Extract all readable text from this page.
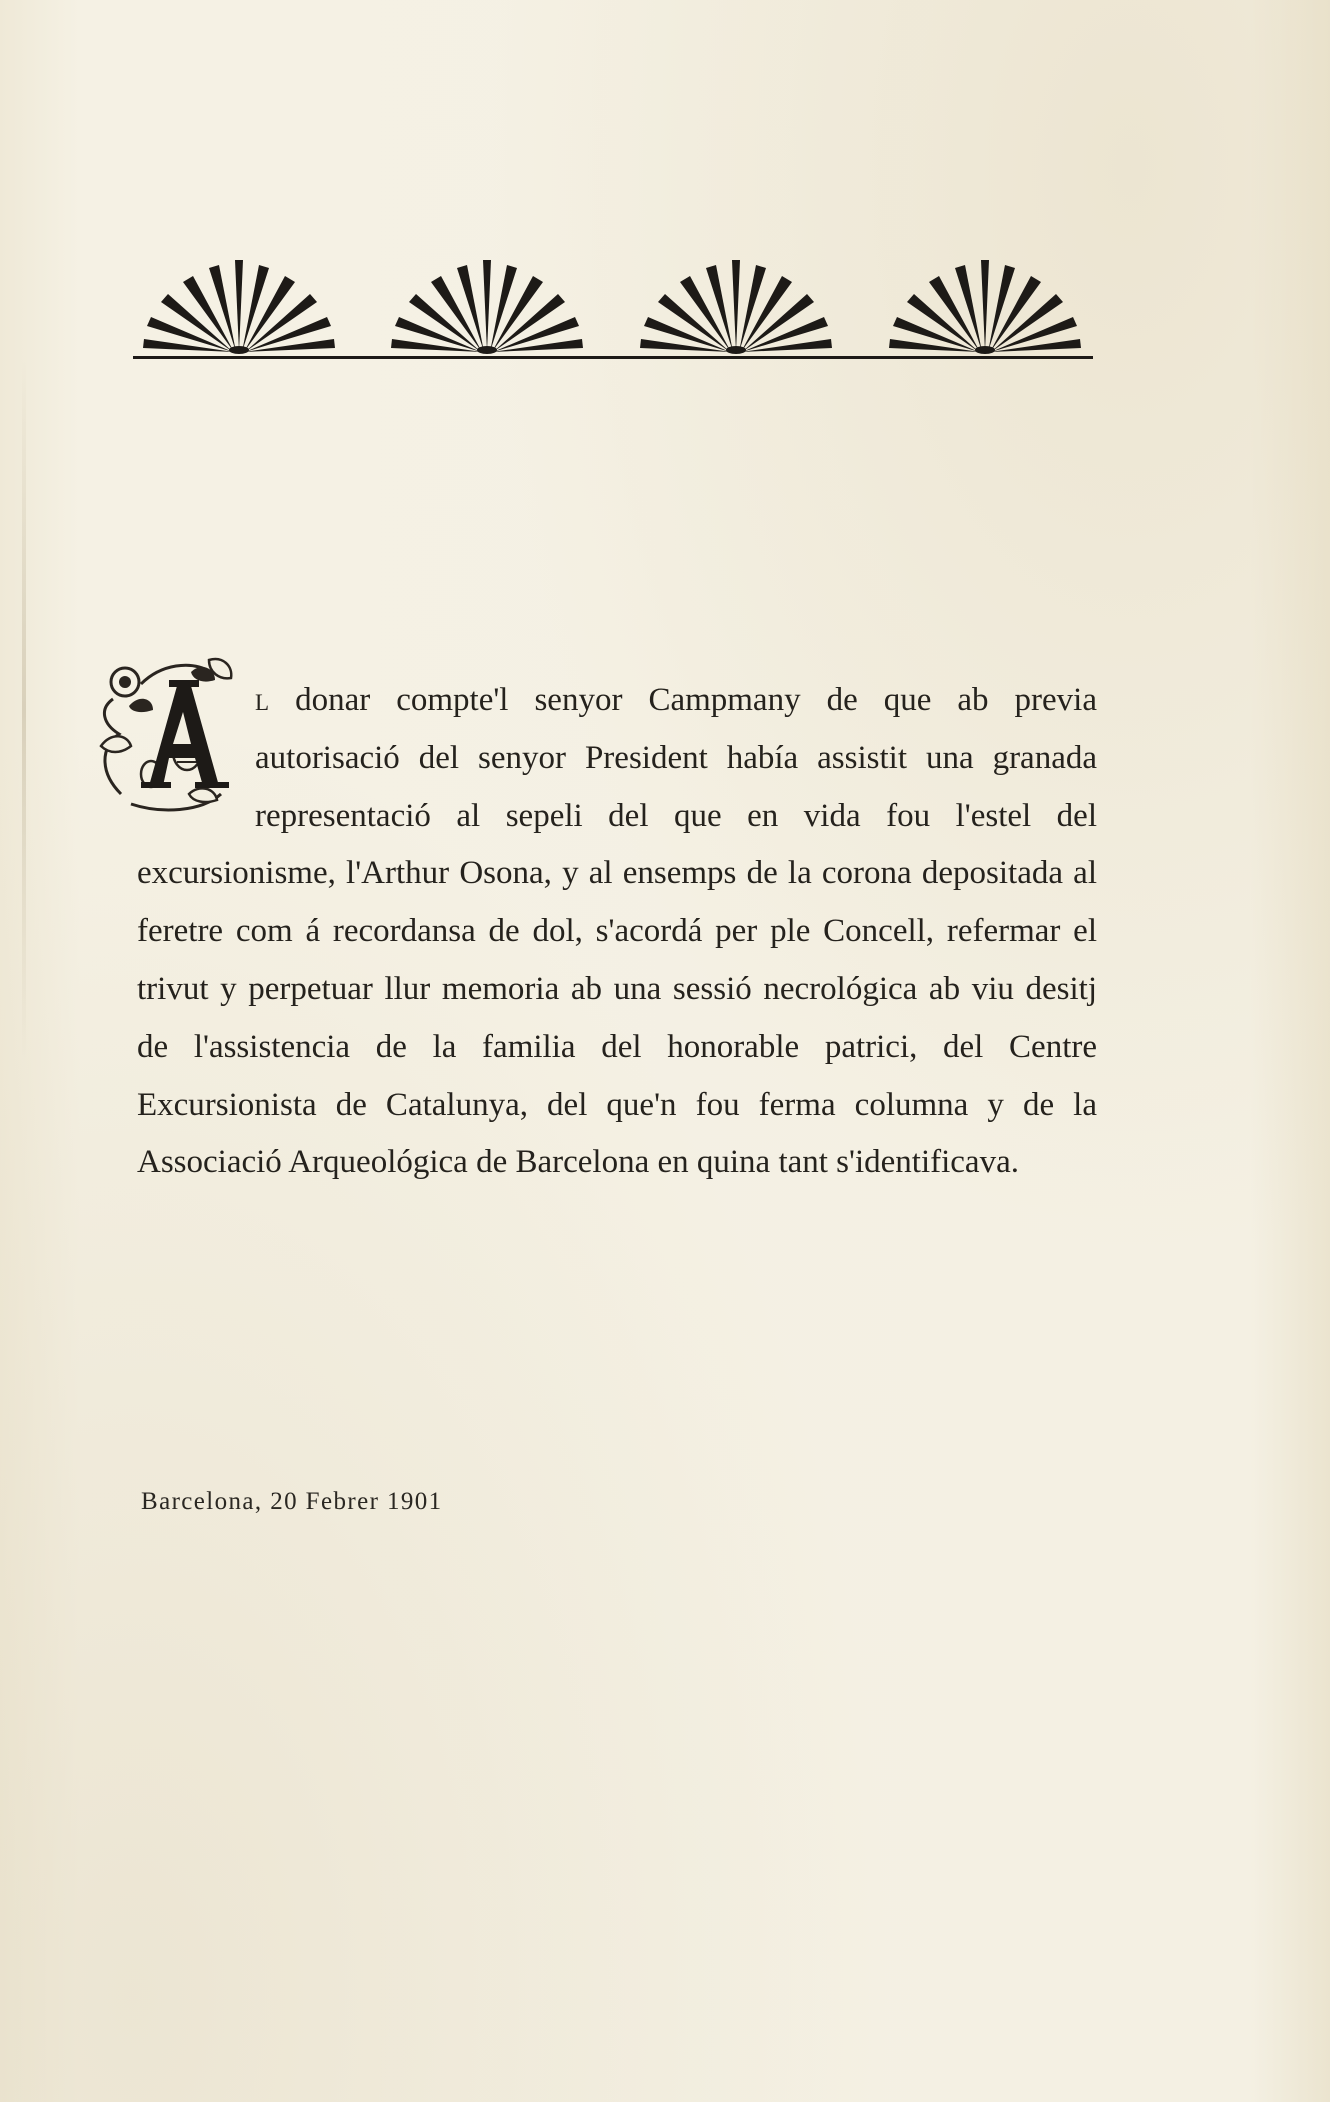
A
l donar compte'l senyor Campmany de que ab previa autorisació del senyor President había assistit una granada representació al sepeli del que en vida fou l'estel del excursionisme, l'Arthur Osona, y al ensemps de la corona depositada al feretre com á recordansa de dol, s'acordá per ple Concell, refermar el trivut y perpetuar llur memoria ab una sessió necrológica ab viu desitj de l'assistencia de la familia del honorable patrici, del Centre Excursionista de Catalunya, del que'n fou ferma columna y de la Associació Arqueológica de Barcelona en quina tant s'identificava.
Barcelona, 20 Febrer 1901
